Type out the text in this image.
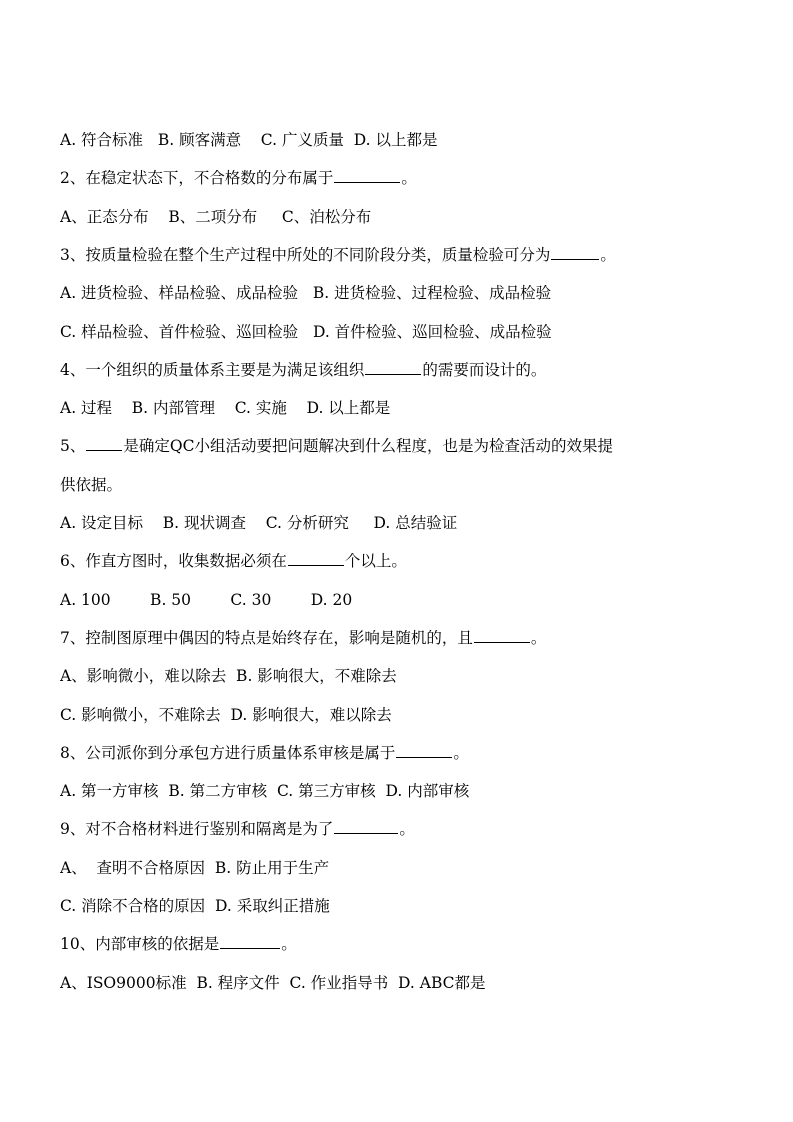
A. 符合标准   B. 顾客满意    C. 广义质量  D. 以上都是
2、在稳定状态下，不合格数的分布属于	。
A、正态分布    B、二项分布     C、泊松分布
3、按质量检验在整个生产过程中所处的不同阶段分类，质量检验可分为	。
A. 进货检验、样品检验、成品检验   B. 进货检验、过程检验、成品检验
C. 样品检验、首件检验、巡回检验   D. 首件检验、巡回检验、成品检验
4、一个组织的质量体系主要是为满足该组织	的需要而设计的。
A. 过程    B. 内部管理    C. 实施    D. 以上都是
5、 是确定QC小组活动要把问题解决到什么程度，也是为检查活动的效果提
供依据。
A. 设定目标    B. 现状调查    C. 分析研究     D. 总结验证
6、作直方图时，收集数据必须在	个以上。
A. 100        B. 50        C. 30        D. 20
7、控制图原理中偶因的特点是始终存在，影响是随机的，且	。
A、影响微小，难以除去  B. 影响很大，不难除去
C. 影响微小，不难除去  D. 影响很大，难以除去
8、公司派你到分承包方进行质量体系审核是属于	。
A. 第一方审核  B. 第二方审核  C. 第三方审核  D. 内部审核
9、对不合格材料进行鉴别和隔离是为了	。
A、  查明不合格原因  B. 防止用于生产
C. 消除不合格的原因  D. 采取纠正措施
10、内部审核的依据是	。
A、ISO9000标准  B. 程序文件  C. 作业指导书  D. ABC都是
